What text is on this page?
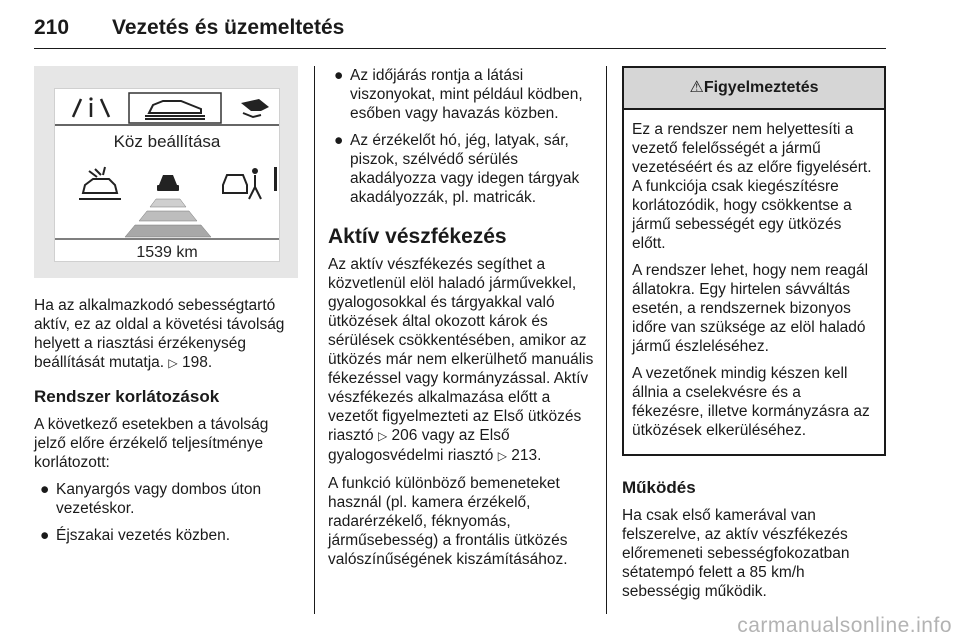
210 Vezetés és üzemeltetés
Köz beállítása
1539 km

Ha az alkalmazkodó sebességtartó aktív, ez az oldal a követési távolság helyett a riasztási érzékenység beállítását mutatja. ▷ 198.

Rendszer korlátozások

A következő esetekben a távolság jelző előre érzékelő teljesítménye korlátozott:

● Kanyargós vagy dombos úton vezetéskor.
● Éjszakai vezetés közben.
● Az időjárás rontja a látási viszonyokat, mint például ködben, esőben vagy havazás közben.
● Az érzékelőt hó, jég, latyak, sár, piszok, szélvédő sérülés akadályozza vagy idegen tárgyak akadályozzák, pl. matricák.
Aktív vészfékezés

Az aktív vészfékezés segíthet a közvetlenül elöl haladó járművekkel, gyalogosokkal és tárgyakkal való ütközések által okozott károk és sérülések csökkentésében, amikor az ütközés már nem elkerülhető manuális fékezéssel vagy kormányzással. Aktív vészfékezés alkalmazása előtt a vezetőt figyelmezteti az Első ütközés riasztó ▷ 206 vagy az Első gyalogosvédelmi riasztó ▷ 213.

A funkció különböző bemeneteket használ (pl. kamera érzékelő, radarérzékelő, féknyomás, járműsebesség) a frontális ütközés valószínűségének kiszámításához.

⚠Figyelmeztetés

Ez a rendszer nem helyettesíti a vezető felelősségét a jármű vezetéséért és az előre figyelésért. A funkciója csak kiegészítésre korlátozódik, hogy csökkentse a jármű sebességét egy ütközés előtt.

A rendszer lehet, hogy nem reagál állatokra. Egy hirtelen sávváltás esetén, a rendszernek bizonyos időre van szüksége az elöl haladó jármű észleléséhez.

A vezetőnek mindig készen kell állnia a cselekvésre és a fékezésre, illetve kormányzásra az ütközések elkerüléséhez.

Működés

Ha csak első kamerával van felszerelve, az aktív vészfékezés előremeneti sebességfokozatban sétatempó felett a 85 km/h sebességig működik.

carmanualsonline.info
